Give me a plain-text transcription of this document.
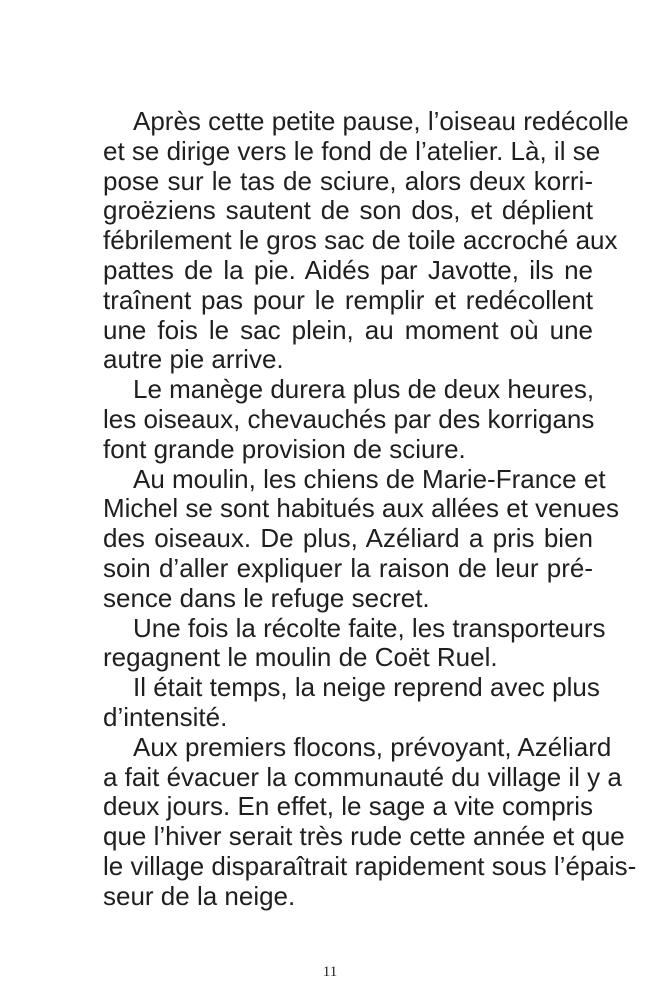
Après cette petite pause, l’oiseau redécolle
et se dirige vers le fond de l’atelier. Là, il se
pose sur le tas de sciure, alors deux korri-
groëziens sautent de son dos, et déplient
fébrilement le gros sac de toile accroché aux
pattes de la pie. Aidés par Javotte, ils ne
traînent pas pour le remplir et redécollent
une fois le sac plein, au moment où une
autre pie arrive.
Le manège durera plus de deux heures,
les oiseaux, chevauchés par des korrigans
font grande provision de sciure.
Au moulin, les chiens de Marie-France et
Michel se sont habitués aux allées et venues
des oiseaux. De plus, Azéliard a pris bien
soin d’aller expliquer la raison de leur pré-
sence dans le refuge secret.
Une fois la récolte faite, les transporteurs
regagnent le moulin de Coët Ruel.
Il était temps, la neige reprend avec plus
d’intensité.
Aux premiers flocons, prévoyant, Azéliard
a fait évacuer la communauté du village il y a
deux jours. En effet, le sage a vite compris
que l’hiver serait très rude cette année et que
le village disparaîtrait rapidement sous l’épais-
seur de la neige.
11
